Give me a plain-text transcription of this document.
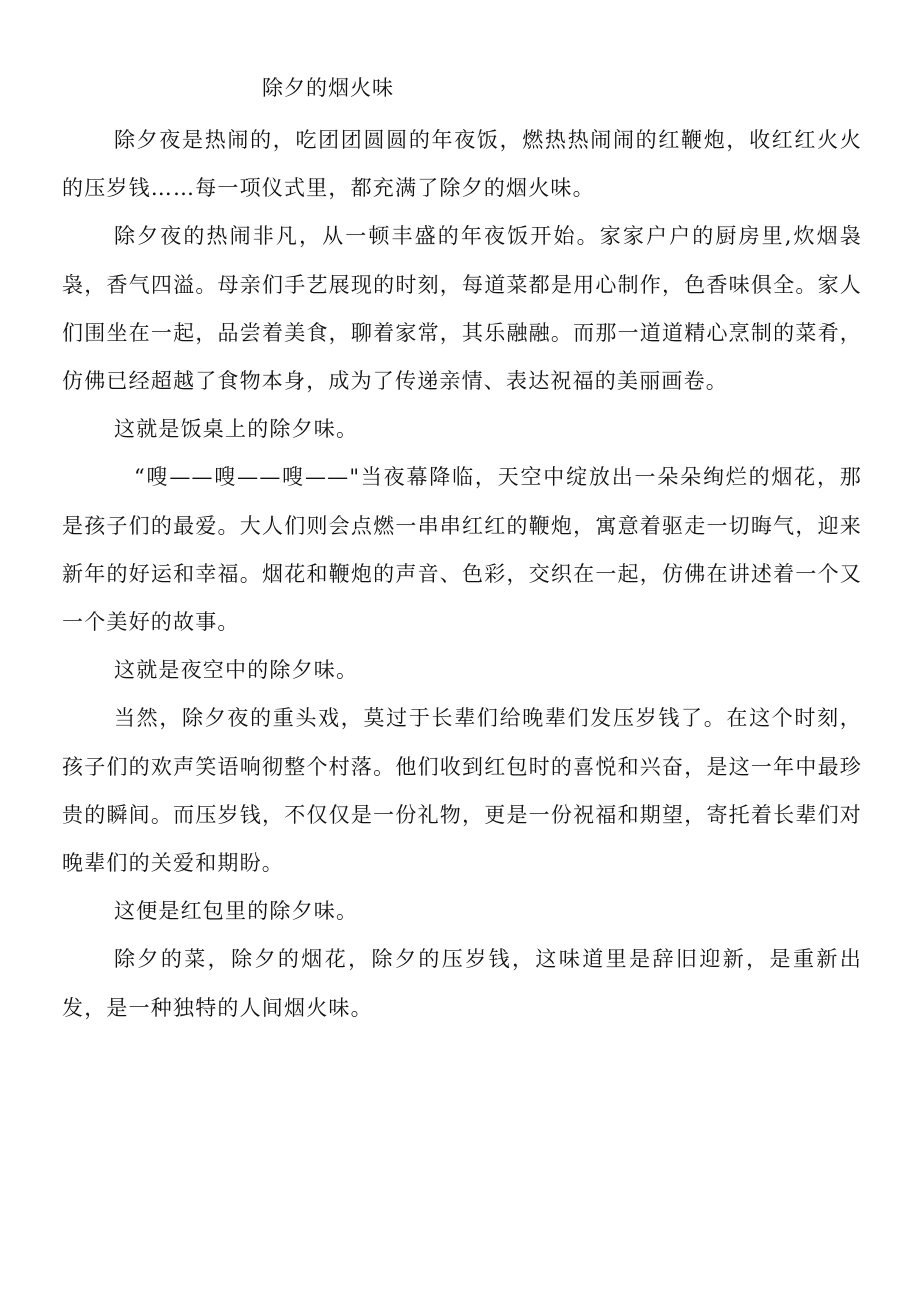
除夕的烟火味

除夕夜是热闹的，吃团团圆圆的年夜饭，燃热热闹闹的红鞭炮，收红红火火的压岁钱……每一项仪式里，都充满了除夕的烟火味。

除夕夜的热闹非凡，从一顿丰盛的年夜饭开始。家家户户的厨房里,炊烟袅袅，香气四溢。母亲们手艺展现的时刻，每道菜都是用心制作，色香味俱全。家人们围坐在一起，品尝着美食，聊着家常，其乐融融。而那一道道精心烹制的菜肴，仿佛已经超越了食物本身，成为了传递亲情、表达祝福的美丽画卷。

这就是饭桌上的除夕味。

“嗖——嗖——嗖——"当夜幕降临，天空中绽放出一朵朵绚烂的烟花，那是孩子们的最爱。大人们则会点燃一串串红红的鞭炮，寓意着驱走一切晦气，迎来新年的好运和幸福。烟花和鞭炮的声音、色彩，交织在一起，仿佛在讲述着一个又一个美好的故事。

这就是夜空中的除夕味。

当然，除夕夜的重头戏，莫过于长辈们给晚辈们发压岁钱了。在这个时刻，孩子们的欢声笑语响彻整个村落。他们收到红包时的喜悦和兴奋，是这一年中最珍贵的瞬间。而压岁钱，不仅仅是一份礼物，更是一份祝福和期望，寄托着长辈们对晚辈们的关爱和期盼。

这便是红包里的除夕味。

除夕的菜，除夕的烟花，除夕的压岁钱，这味道里是辞旧迎新，是重新出发，是一种独特的人间烟火味。
